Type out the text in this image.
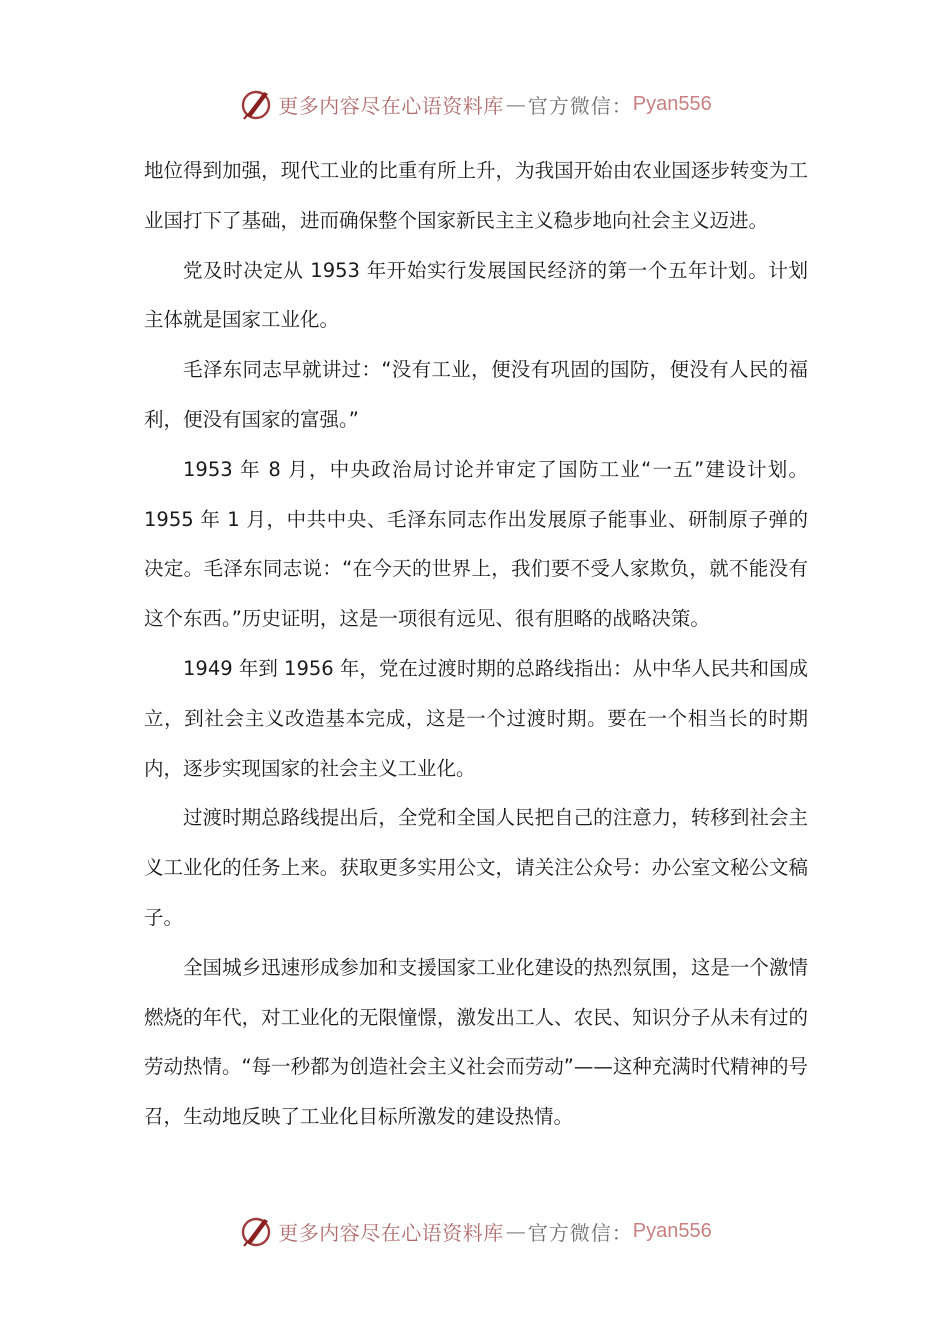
更多内容尽在心语资料库 — 官方微信： Pyan556

地位得到加强，现代工业的比重有所上升，为我国开始由农业国逐步转变为工业国打下了基础，进而确保整个国家新民主主义稳步地向社会主义迈进。

党及时决定从 1953 年开始实行发展国民经济的第一个五年计划。计划主体就是国家工业化。

毛泽东同志早就讲过：“没有工业，便没有巩固的国防，便没有人民的福利，便没有国家的富强。”

1953 年 8 月，中央政治局讨论并审定了国防工业“一五”建设计划。1955 年 1 月，中共中央、毛泽东同志作出发展原子能事业、研制原子弹的决定。毛泽东同志说：“在今天的世界上，我们要不受人家欺负，就不能没有这个东西。”历史证明，这是一项很有远见、很有胆略的战略决策。

1949 年到 1956 年，党在过渡时期的总路线指出：从中华人民共和国成立，到社会主义改造基本完成，这是一个过渡时期。要在一个相当长的时期内，逐步实现国家的社会主义工业化。

过渡时期总路线提出后，全党和全国人民把自己的注意力，转移到社会主义工业化的任务上来。获取更多实用公文，请关注公众号：办公室文秘公文稿子。

全国城乡迅速形成参加和支援国家工业化建设的热烈氛围，这是一个激情燃烧的年代，对工业化的无限憧憬，激发出工人、农民、知识分子从未有过的劳动热情。“每一秒都为创造社会主义社会而劳动”——这种充满时代精神的号召，生动地反映了工业化目标所激发的建设热情。

更多内容尽在心语资料库 — 官方微信： Pyan556
